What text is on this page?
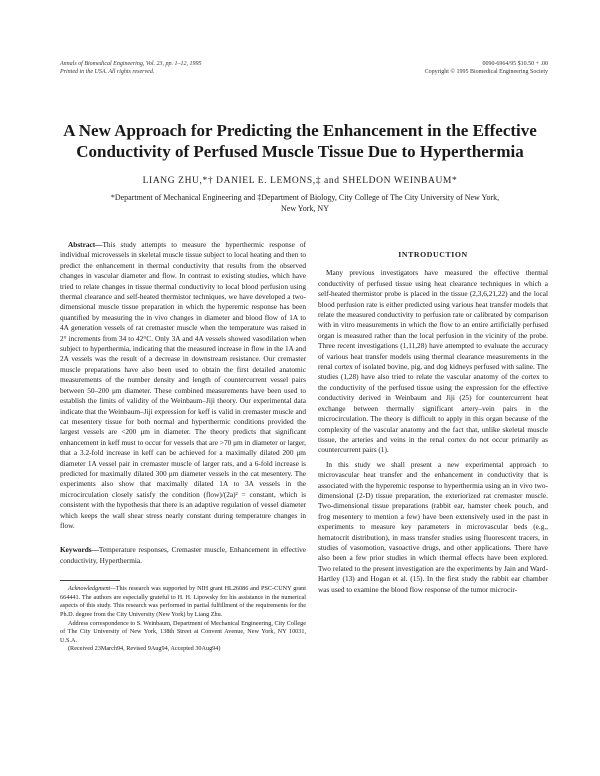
Annals of Biomedical Engineering, Vol. 23, pp. 1–12, 1995
Printed in the USA. All rights reserved.
0090-6964/95 $10.50 + .00
Copyright © 1995 Biomedical Engineering Society
A New Approach for Predicting the Enhancement in the Effective
Conductivity of Perfused Muscle Tissue Due to Hyperthermia
LIANG ZHU,*† DANIEL E. LEMONS,‡ and SHELDON WEINBAUM*
*Department of Mechanical Engineering and ‡Department of Biology, City College of The City University of New York,
New York, NY

Abstract—This study attempts to measure the hyperthermic response of individual microvessels in skeletal muscle tissue subject to local heating and then to predict the enhancement in thermal conductivity that results from the observed changes in vascular diameter and flow. In contrast to existing studies, which have tried to relate changes in tissue thermal conductivity to local blood perfusion using thermal clearance and self-heated thermistor techniques, we have developed a two-dimensional muscle tissue preparation in which the hyperemic response has been quantified by measuring the in vivo changes in diameter and blood flow of 1A to 4A generation vessels of rat cremaster muscle when the temperature was raised in 2° increments from 34 to 42°C. Only 3A and 4A vessels showed vasodilation when subject to hyperthermia, indicating that the measured increase in flow in the 1A and 2A vessels was the result of a decrease in downstream resistance. Our cremaster muscle preparations have also been used to obtain the first detailed anatomic measurements of the number density and length of countercurrent vessel pairs between 50–200 μm diameter. These combined measurements have been used to establish the limits of validity of the Weinbaum–Jiji theory. Our experimental data indicate that the Weinbaum–Jiji expression for keff is valid in cremaster muscle and cat mesentery tissue for both normal and hyperthermic conditions provided the largest vessels are <200 μm in diameter. The theory predicts that significant enhancement in keff must to occur for vessels that are >70 μm in diameter or larger, that a 3.2-fold increase in keff can be achieved for a maximally dilated 200 μm diameter 1A vessel pair in cremaster muscle of larger rats, and a 6-fold increase is predicted for maximally dilated 300 μm diameter vessels in the cat mesentery. The experiments also show that maximally dilated 1A to 3A vessels in the microcirculation closely satisfy the condition (flow)/(2a)² = constant, which is consistent with the hypothesis that there is an adaptive regulation of vessel diameter which keeps the wall shear stress nearly constant during temperature changes in flow.

Keywords—Temperature responses, Cremaster muscle, Enhancement in effective conductivity, Hyperthermia.

Acknowledgment—This research was supported by NIH grant HL26086 and PSC-CUNY grant 664441. The authors are especially grateful to H. H. Lipowsky for his assistance in the numerical aspects of this study. This research was performed in partial fulfillment of the requirements for the Ph.D. degree from the City University (New York) by Liang Zhu.

Address correspondence to S. Weinbaum, Department of Mechanical Engineering, City College of The City University of New York, 138th Street at Convent Avenue, New York, NY 10031, U.S.A.

(Received 23March94, Revised 9Aug94, Accepted 30Aug94)

INTRODUCTION

Many previous investigators have measured the effective thermal conductivity of perfused tissue using heat clearance techniques in which a self-heated thermistor probe is placed in the tissue (2,3,6,21,22) and the local blood perfusion rate is either predicted using various heat transfer models that relate the measured conductivity to perfusion rate or calibrated by comparison with in vitro measurements in which the flow to an entire artificially perfused organ is measured rather than the local perfusion in the vicinity of the probe. Three recent investigations (1,11,28) have attempted to evaluate the accuracy of various heat transfer models using thermal clearance measurements in the renal cortex of isolated bovine, pig, and dog kidneys perfused with saline. The studies (1,28) have also tried to relate the vascular anatomy of the cortex to the conductivity of the perfused tissue using the expression for the effective conductivity derived in Weinbaum and Jiji (25) for countercurrent heat exchange between thermally significant artery–vein pairs in the microcirculation. The theory is difficult to apply in this organ because of the complexity of the vascular anatomy and the fact that, unlike skeletal muscle tissue, the arteries and veins in the renal cortex do not occur primarily as countercurrent pairs (1).

In this study we shall present a new experimental approach to microvascular heat transfer and the enhancement in conductivity that is associated with the hyperemic response to hyperthermia using an in vivo two-dimensional (2-D) tissue preparation, the exteriorized rat cremaster muscle. Two-dimensional tissue preparations (rabbit ear, hamster cheek pouch, and frog mesentery to mention a few) have been extensively used in the past in experiments to measure key parameters in microvascular beds (e.g., hematocrit distribution), in mass transfer studies using fluorescent tracers, in studies of vasomotion, vasoactive drugs, and other applications. There have also been a few prior studies in which thermal effects have been explored. Two related to the present investigation are the experiments by Jain and Ward-Hartley (13) and Hogan et al. (15). In the first study the rabbit ear chamber was used to examine the blood flow response of the tumor microcir-
